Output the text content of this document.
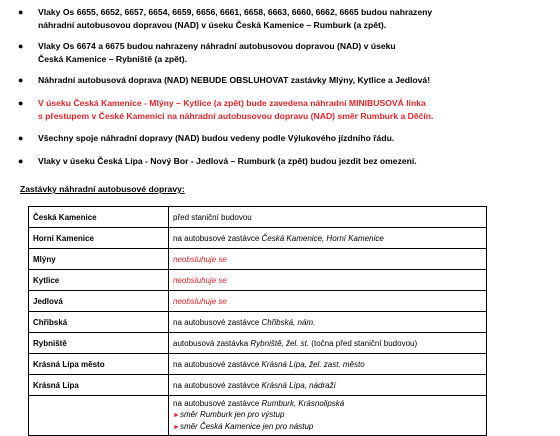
● Vlaky Os 6655, 6652, 6657, 6654, 6659, 6656, 6661, 6658, 6663, 6660, 6662, 6665 budou nahrazeny
náhradní autobusovou dopravou (NAD) v úseku Česká Kamenice – Rumburk (a zpět).
● Vlaky Os 6674 a 6675 budou nahrazeny náhradní autobusovou dopravou (NAD) v úseku
Česká Kamenice – Rybniště (a zpět).
● Náhradní autobusová doprava (NAD) NEBUDE OBSLUHOVAT zastávky Mlýny, Kytlice a Jedlová!
● V úseku Česká Kamenice - Mlýny – Kytlice (a zpět) bude zavedena náhradní MINIBUSOVÁ linka
s přestupem v České Kamenici na náhradní autobusovou dopravu (NAD) směr Rumburk a Děčín.
● Všechny spoje náhradní dopravy (NAD) budou vedeny podle Výlukového jízdního řádu.
● Vlaky v úseku Česká Lípa - Nový Bor - Jedlová – Rumburk (a zpět) budou jezdit bez omezení.
Zastávky náhradní autobusové dopravy:
Česká Kamenice	před staniční budovou
Horní Kamenice	na autobusové zastávce Česká Kamenice, Horní Kamenice
Mlýny	neobsluhuje se
Kytlice	neobsluhuje se
Jedlová	neobsluhuje se
Chřibská	na autobusové zastávce Chřibská, nám.
Rybniště	autobusová zastávka Rybniště, žel. st. (točna před staniční budovou)
Krásná Lípa město	na autobusové zastávce Krásná Lípa, žel. zast. město
Krásná Lípa	na autobusové zastávce Krásná Lípa, nádraží

	na autobusové zastávce Rumburk, Krásnolipská
►směr Rumburk jen pro výstup
►směr Česká Kamenice jen pro nástup
